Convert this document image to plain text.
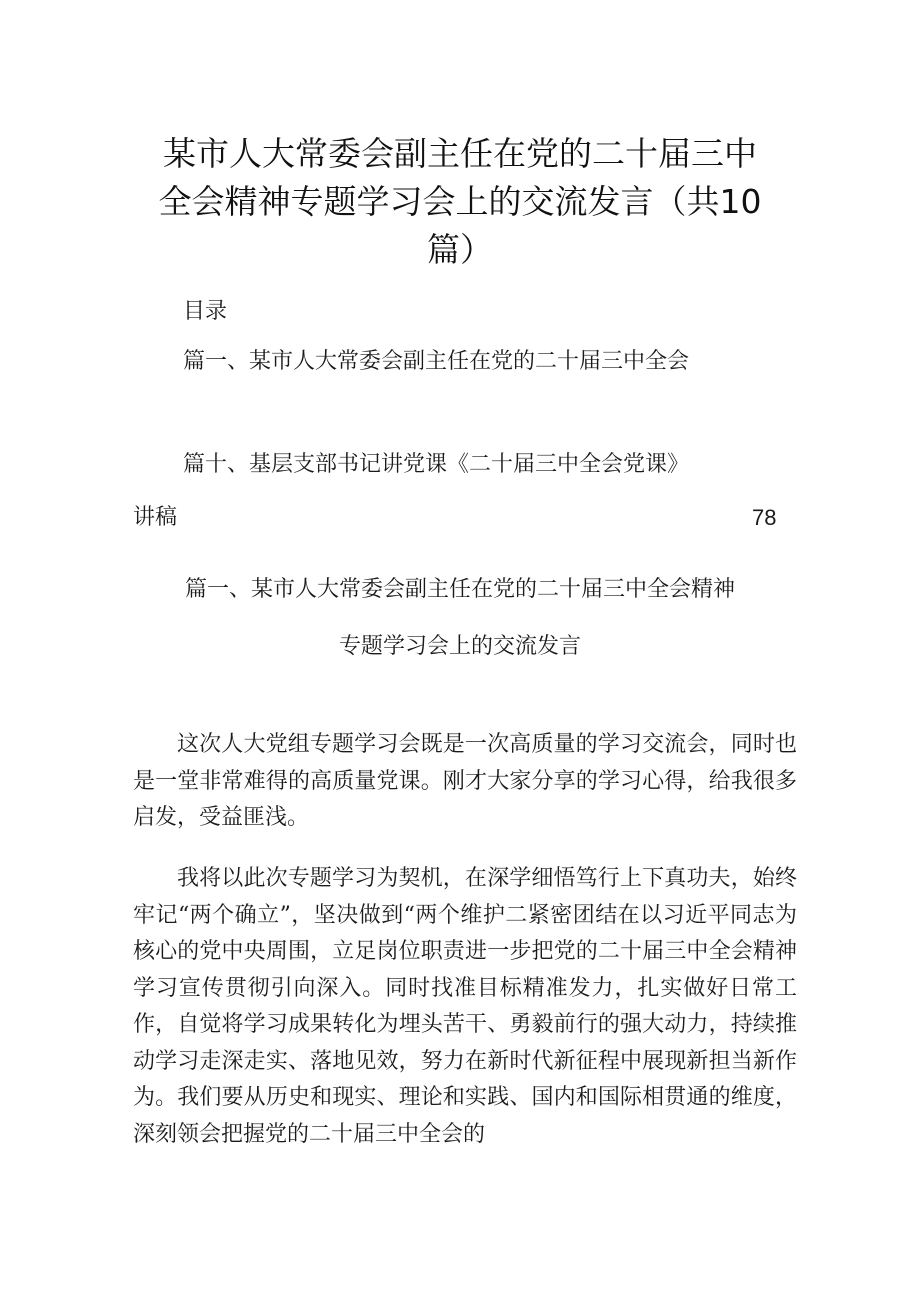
某市人大常委会副主任在党的二十届三中全会精神专题学习会上的交流发言（共10篇）
目录
篇一、某市人大常委会副主任在党的二十届三中全会
篇十、基层支部书记讲党课《二十届三中全会党课》
讲稿	78
篇一、某市人大常委会副主任在党的二十届三中全会精神
专题学习会上的交流发言

这次人大党组专题学习会既是一次高质量的学习交流会，同时也是一堂非常难得的高质量党课。刚才大家分享的学习心得，给我很多启发，受益匪浅。

我将以此次专题学习为契机，在深学细悟笃行上下真功夫，始终牢记“两个确立”，坚决做到“两个维护二紧密团结在以习近平同志为核心的党中央周围，立足岗位职责进一步把党的二十届三中全会精神学习宣传贯彻引向深入。同时找准目标精准发力，扎实做好日常工作，自觉将学习成果转化为埋头苦干、勇毅前行的强大动力，持续推动学习走深走实、落地见效，努力在新时代新征程中展现新担当新作为。我们要从历史和现实、理论和实践、国内和国际相贯通的维度，深刻领会把握党的二十届三中全会的
